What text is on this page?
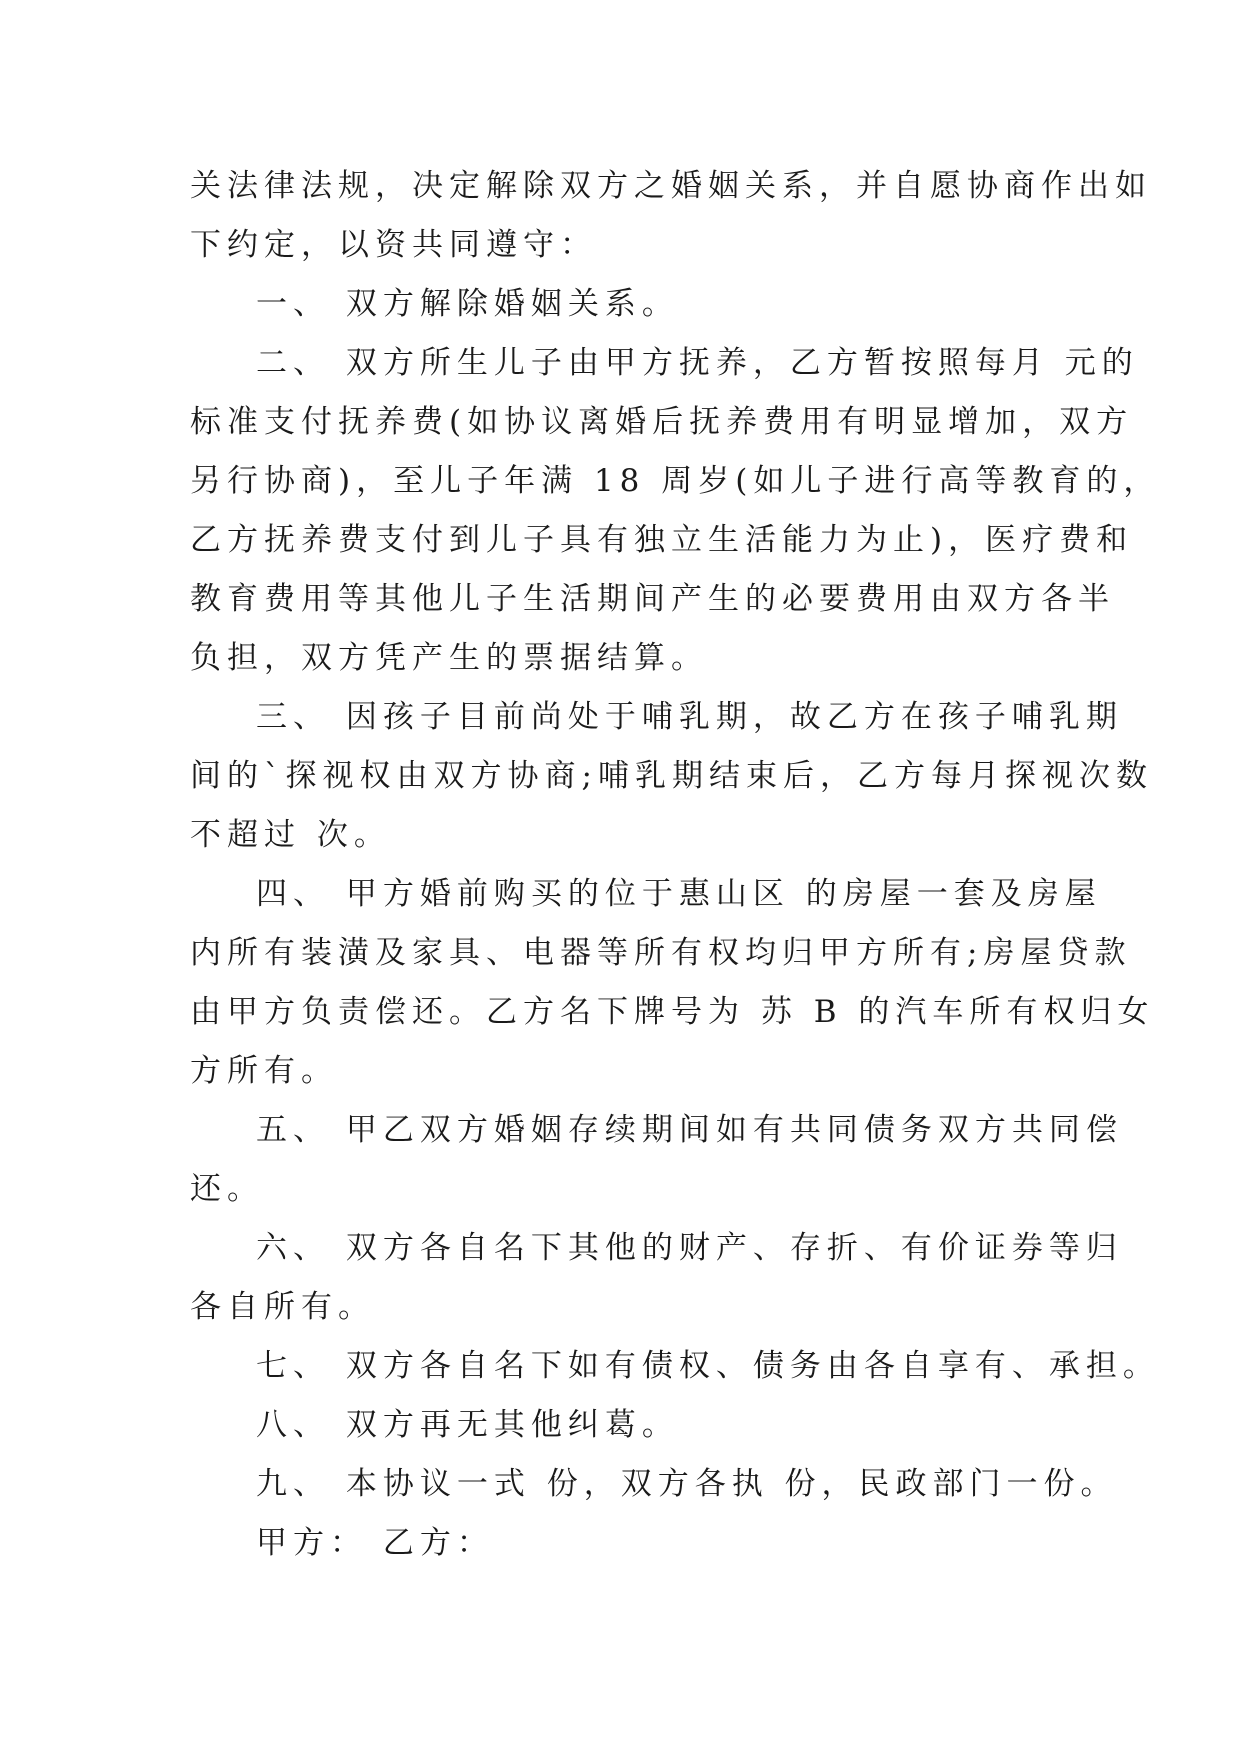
关法律法规，决定解除双方之婚姻关系，并自愿协商作出如
下约定，以资共同遵守：
一、 双方解除婚姻关系。
二、 双方所生儿子由甲方抚养，乙方暂按照每月 元的
标准支付抚养费(如协议离婚后抚养费用有明显增加，双方
另行协商)，至儿子年满 18 周岁(如儿子进行高等教育的，
乙方抚养费支付到儿子具有独立生活能力为止)，医疗费和
教育费用等其他儿子生活期间产生的必要费用由双方各半
负担，双方凭产生的票据结算。
三、 因孩子目前尚处于哺乳期，故乙方在孩子哺乳期
间的`探视权由双方协商;哺乳期结束后，乙方每月探视次数
不超过 次。
四、 甲方婚前购买的位于惠山区 的房屋一套及房屋
内所有装潢及家具、电器等所有权均归甲方所有;房屋贷款
由甲方负责偿还。乙方名下牌号为 苏 B 的汽车所有权归女
方所有。
五、 甲乙双方婚姻存续期间如有共同债务双方共同偿
还。
六、 双方各自名下其他的财产、存折、有价证券等归
各自所有。
七、 双方各自名下如有债权、债务由各自享有、承担。
八、 双方再无其他纠葛。
九、 本协议一式 份，双方各执 份，民政部门一份。
甲方： 乙方：
